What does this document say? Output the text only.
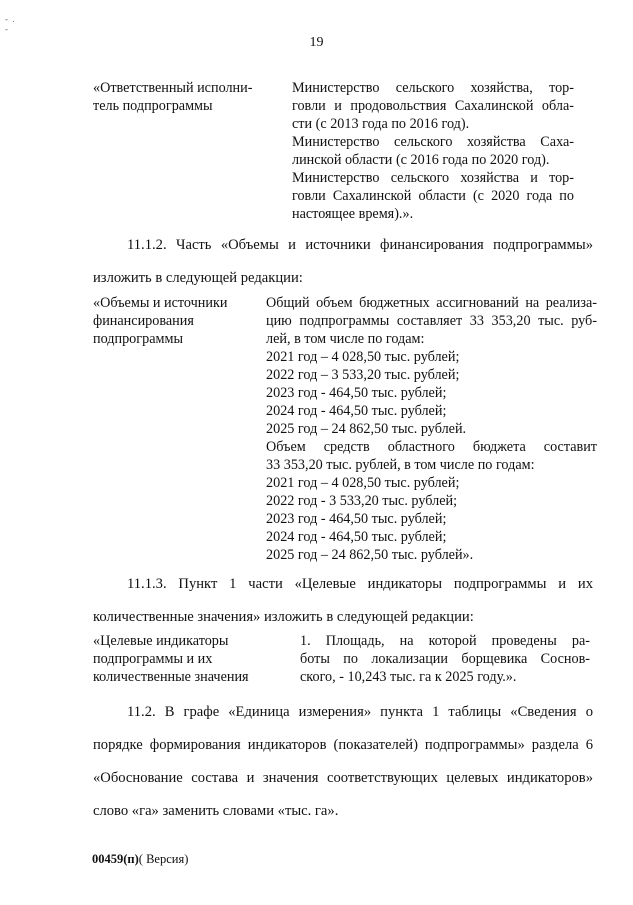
- . -
19
«Ответственный исполни-
тель подпрограммы
Министерство сельского хозяйства, тор-
говли и продовольствия Сахалинской обла-
сти (с 2013 года по 2016 год).
Министерство сельского хозяйства Саха-
линской области (с 2016 года по 2020 год).
Министерство сельского хозяйства и тор-
говли Сахалинской области (с 2020 года по
настоящее время).».
11.1.2. Часть «Объемы и источники финансирования подпрограммы»
изложить в следующей редакции:
«Объемы и источники
финансирования
подпрограммы
Общий объем бюджетных ассигнований на реализа-
цию подпрограммы составляет 33 353,20 тыс. руб-
лей, в том числе по годам:
2021 год – 4 028,50 тыс. рублей;
2022 год – 3 533,20 тыс. рублей;
2023 год - 464,50 тыс. рублей;
2024 год - 464,50 тыс. рублей;
2025 год – 24 862,50 тыс. рублей.
Объем средств областного бюджета составит
33 353,20 тыс. рублей, в том числе по годам:
2021 год – 4 028,50 тыс. рублей;
2022 год - 3 533,20 тыс. рублей;
2023 год - 464,50 тыс. рублей;
2024 год - 464,50 тыс. рублей;
2025 год – 24 862,50 тыс. рублей».
11.1.3. Пункт 1 части «Целевые индикаторы подпрограммы и их
количественные значения» изложить в следующей редакции:
«Целевые индикаторы
подпрограммы и их
количественные значения
1. Площадь, на которой проведены ра-
боты по локализации борщевика Соснов-
ского, - 10,243 тыс. га к 2025 году.».
11.2. В графе «Единица измерения» пункта 1 таблицы «Сведения о
порядке формирования индикаторов (показателей) подпрограммы» раздела 6
«Обоснование состава и значения соответствующих целевых индикаторов»
слово «га» заменить словами «тыс. га».
00459(п)( Версия)
